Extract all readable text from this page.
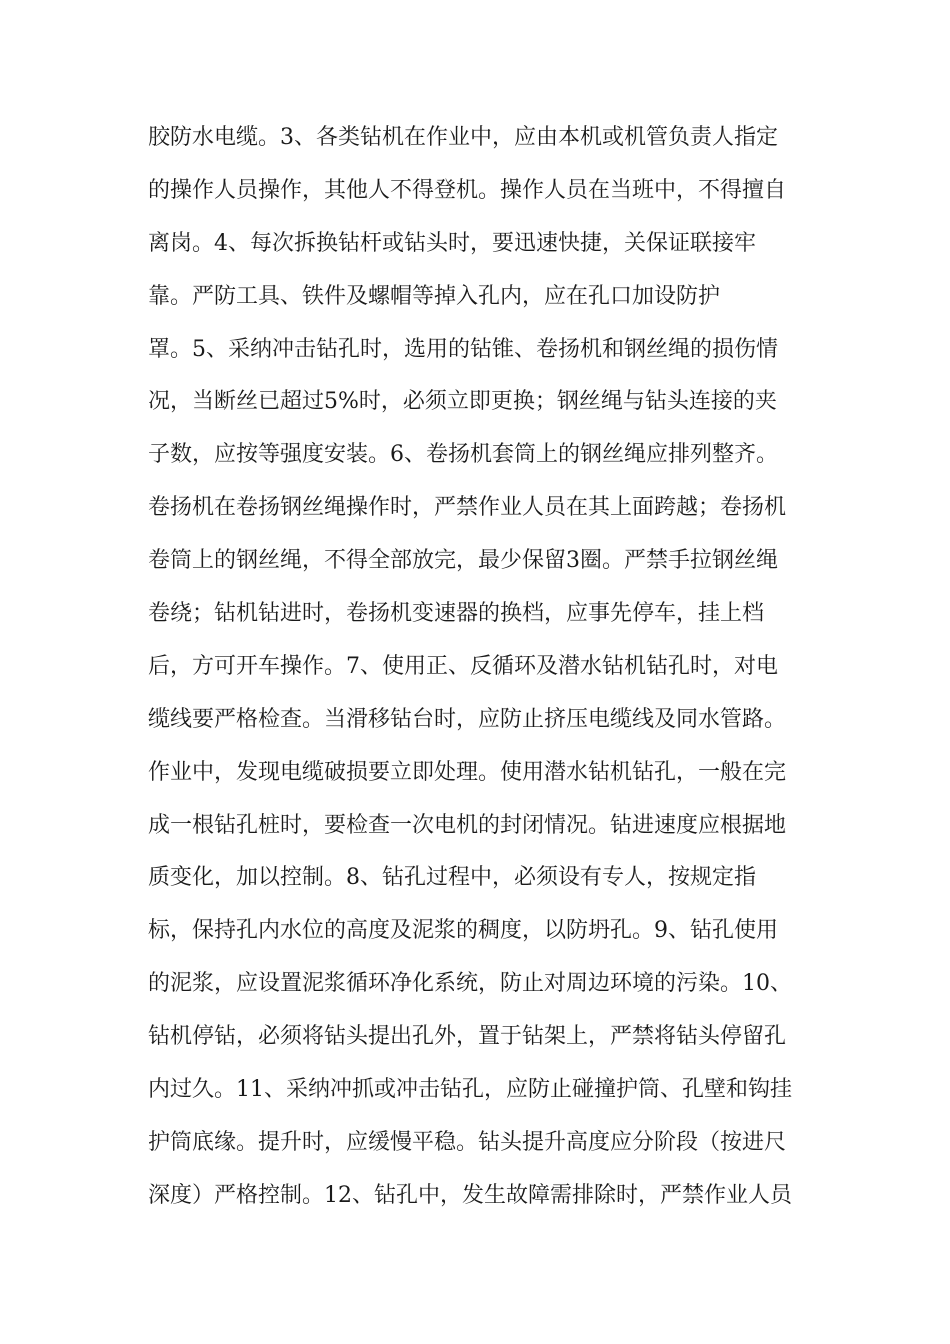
胶防水电缆。3、各类钻机在作业中，应由本机或机管负责人指定
的操作人员操作，其他人不得登机。操作人员在当班中，不得擅自
离岗。4、每次拆换钻杆或钻头时，要迅速快捷，关保证联接牢
靠。严防工具、铁件及螺帽等掉入孔内，应在孔口加设防护
罩。5、采纳冲击钻孔时，选用的钻锥、卷扬机和钢丝绳的损伤情
况，当断丝已超过5%时，必须立即更换；钢丝绳与钻头连接的夹
子数，应按等强度安装。6、卷扬机套筒上的钢丝绳应排列整齐。
卷扬机在卷扬钢丝绳操作时，严禁作业人员在其上面跨越；卷扬机
卷筒上的钢丝绳，不得全部放完，最少保留3圈。严禁手拉钢丝绳
卷绕；钻机钻进时，卷扬机变速器的换档，应事先停车，挂上档
后，方可开车操作。7、使用正、反循环及潜水钻机钻孔时，对电
缆线要严格检查。当滑移钻台时，应防止挤压电缆线及同水管路。
作业中，发现电缆破损要立即处理。使用潜水钻机钻孔，一般在完
成一根钻孔桩时，要检查一次电机的封闭情况。钻进速度应根据地
质变化，加以控制。8、钻孔过程中，必须设有专人，按规定指
标，保持孔内水位的高度及泥浆的稠度，以防坍孔。9、钻孔使用
的泥浆，应设置泥浆循环净化系统，防止对周边环境的污染。10、
钻机停钻，必须将钻头提出孔外，置于钻架上，严禁将钻头停留孔
内过久。11、采纳冲抓或冲击钻孔，应防止碰撞护筒、孔壁和钩挂
护筒底缘。提升时，应缓慢平稳。钻头提升高度应分阶段（按进尺
深度）严格控制。12、钻孔中，发生故障需排除时，严禁作业人员
